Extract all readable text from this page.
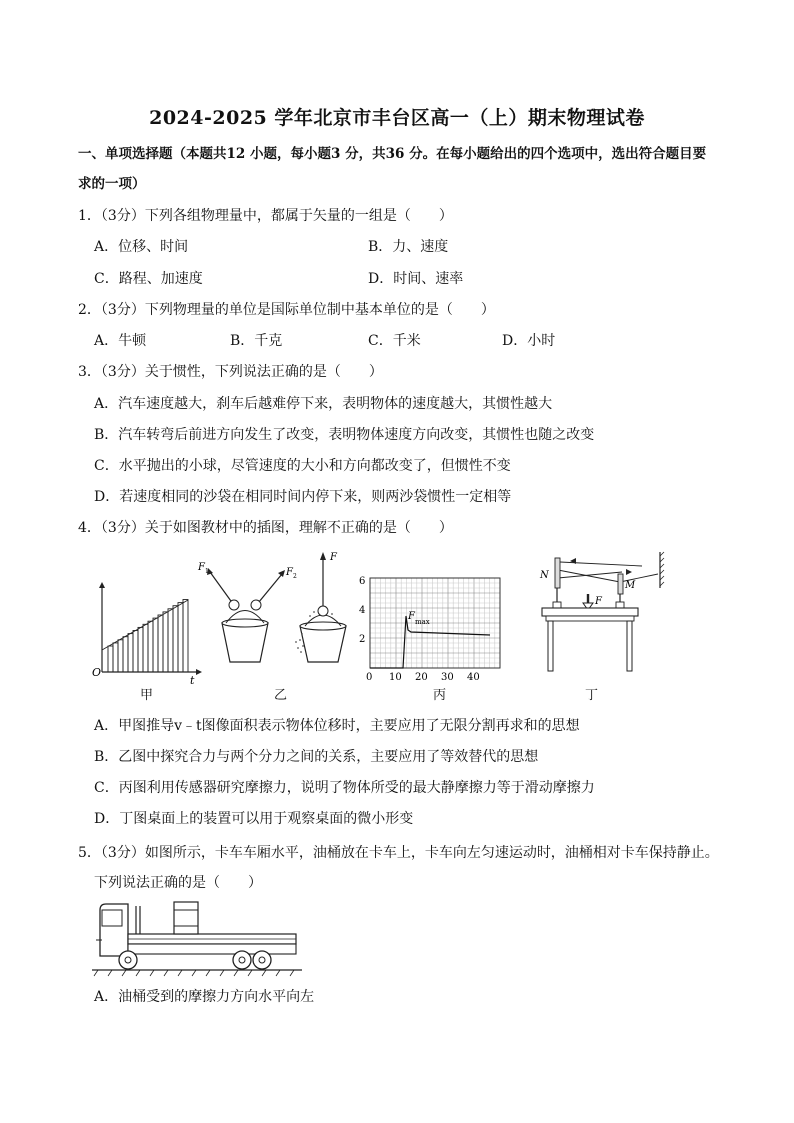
2024-2025 学年北京市丰台区高一（上）期末物理试卷
一、单项选择题（本题共12 小题，每小题3 分，共36 分。在每小题给出的四个选项中，选出符合题目要
求的一项）
1．（3分）下列各组物理量中，都属于矢量的一组是（　　）
A．位移、时间	B．力、速度
C．路程、加速度	D．时间、速率
2．（3分）下列物理量的单位是国际单位制中基本单位的是（　　）
A．牛顿	B．千克	C．千米	D．小时
3．（3分）关于惯性，下列说法正确的是（　　）
A．汽车速度越大，刹车后越难停下来，表明物体的速度越大，其惯性越大
B．汽车转弯后前进方向发生了改变，表明物体速度方向改变，其惯性也随之改变
C．水平抛出的小球，尽管速度的大小和方向都改变了，但惯性不变
D．若速度相同的沙袋在相同时间内停下来，则两沙袋惯性一定相等
4．（3分）关于如图教材中的插图，理解不正确的是（　　）
O
t
甲
F 1	F 2
F
乙
6
4
2
0 10 20 30 40
F max
丙
N
M
F
丁
A．甲图推导v﹣t图像面积表示物体位移时，主要应用了无限分割再求和的思想
B．乙图中探究合力与两个分力之间的关系，主要应用了等效替代的思想
C．丙图利用传感器研究摩擦力，说明了物体所受的最大静摩擦力等于滑动摩擦力
D．丁图桌面上的装置可以用于观察桌面的微小形变
5．（3分）如图所示，卡车车厢水平，油桶放在卡车上，卡车向左匀速运动时，油桶相对卡车保持静止。
下列说法正确的是（　　）
A．油桶受到的摩擦力方向水平向左
